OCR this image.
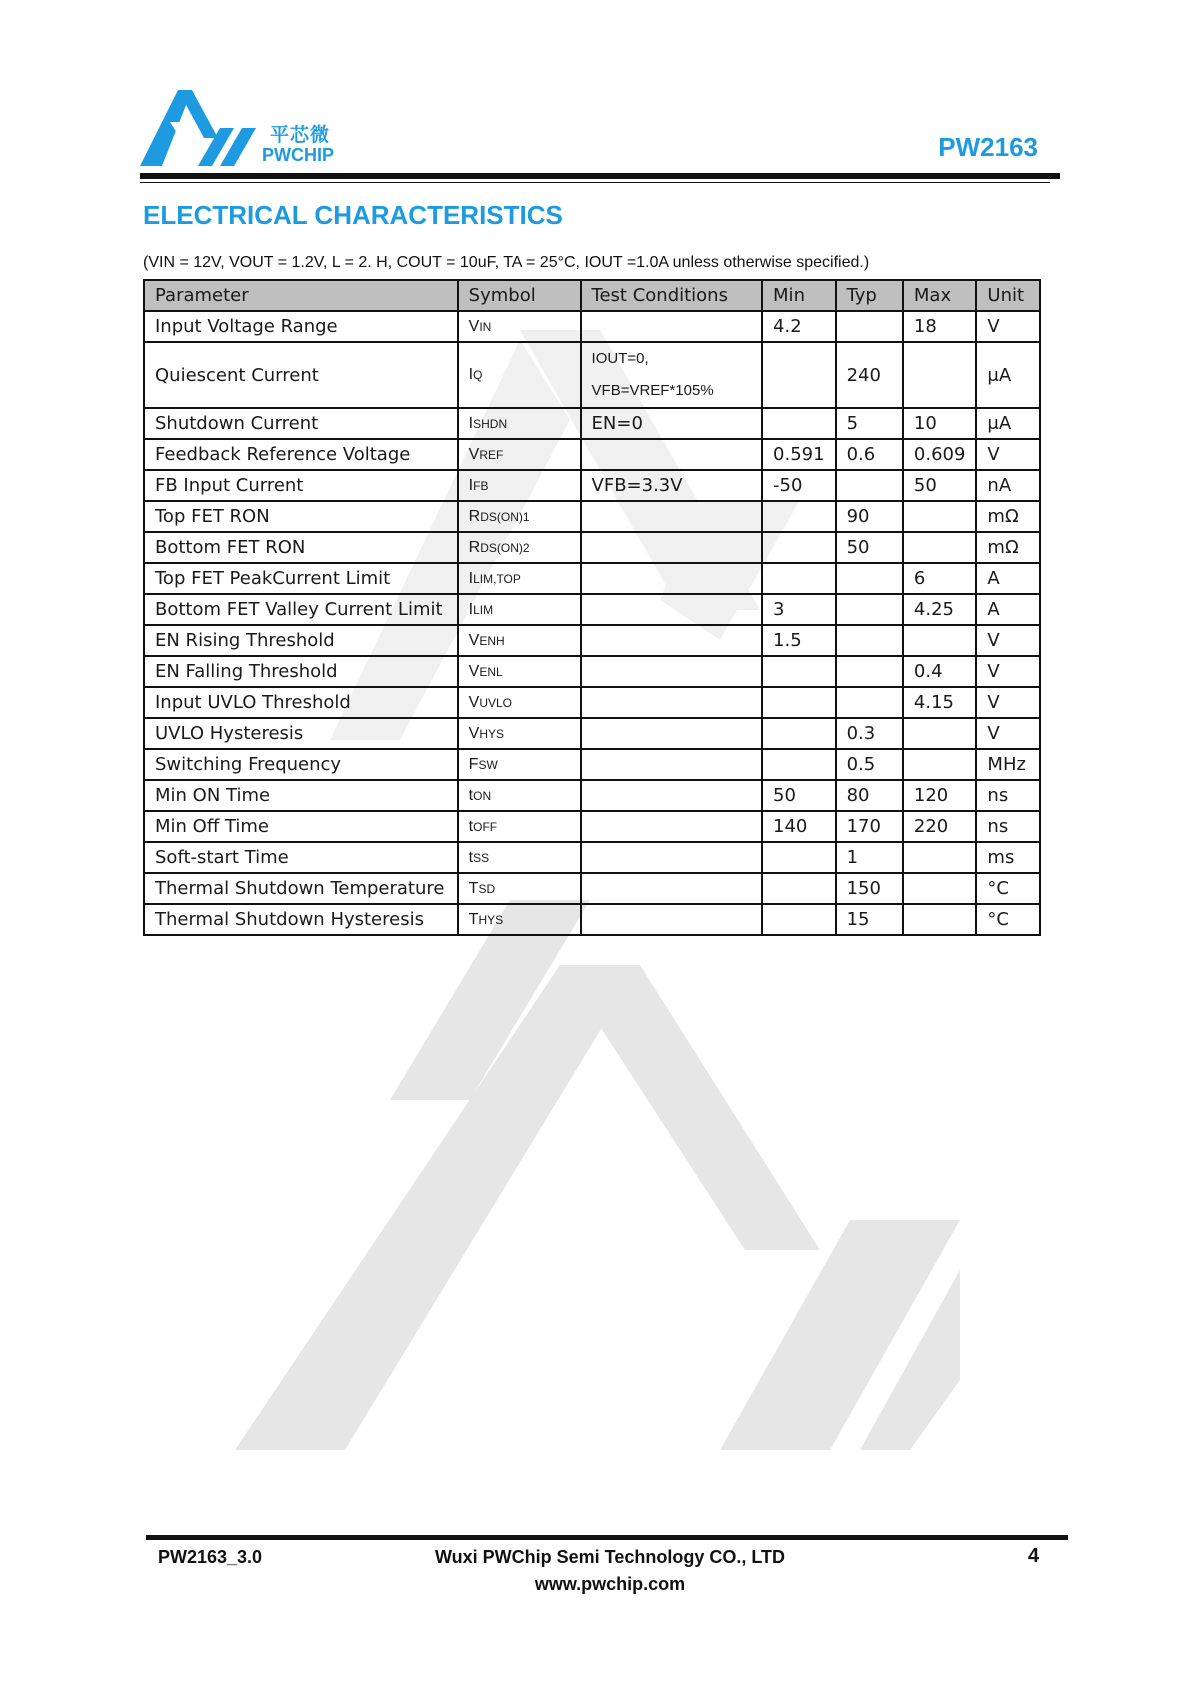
平芯微
PWCHIP	PW2163
ELECTRICAL CHARACTERISTICS
(VIN = 12V, VOUT = 1.2V, L = 2. H, COUT = 10uF, TA = 25°C, IOUT =1.0A unless otherwise specified.)
Parameter	Symbol	Test Conditions	Min	Typ	Max	Unit
Input Voltage Range	VIN		4.2		18	V
Quiescent Current	IQ	IOUT=0,
VFB=VREF*105%		240		μA
Shutdown Current	ISHDN	EN=0		5	10	μA
Feedback Reference Voltage	VREF		0.591	0.6	0.609	V
FB Input Current	IFB	VFB=3.3V	-50		50	nA
Top FET RON	RDS(ON)1			90		mΩ
Bottom FET RON	RDS(ON)2			50		mΩ
Top FET PeakCurrent Limit	ILIM,TOP				6	A
Bottom FET Valley Current Limit	ILIM		3		4.25	A
EN Rising Threshold	VENH		1.5			V
EN Falling Threshold	VENL				0.4	V
Input UVLO Threshold	VUVLO				4.15	V
UVLO Hysteresis	VHYS			0.3		V
Switching Frequency	FSW			0.5		MHz
Min ON Time	tON		50	80	120	ns
Min Off Time	tOFF		140	170	220	ns
Soft-start Time	tSS			1		ms
Thermal Shutdown Temperature	TSD			150		°C
Thermal Shutdown Hysteresis	THYS			15		°C
PW2163_3.0	Wuxi PWChip Semi Technology CO., LTD
www.pwchip.com
4
